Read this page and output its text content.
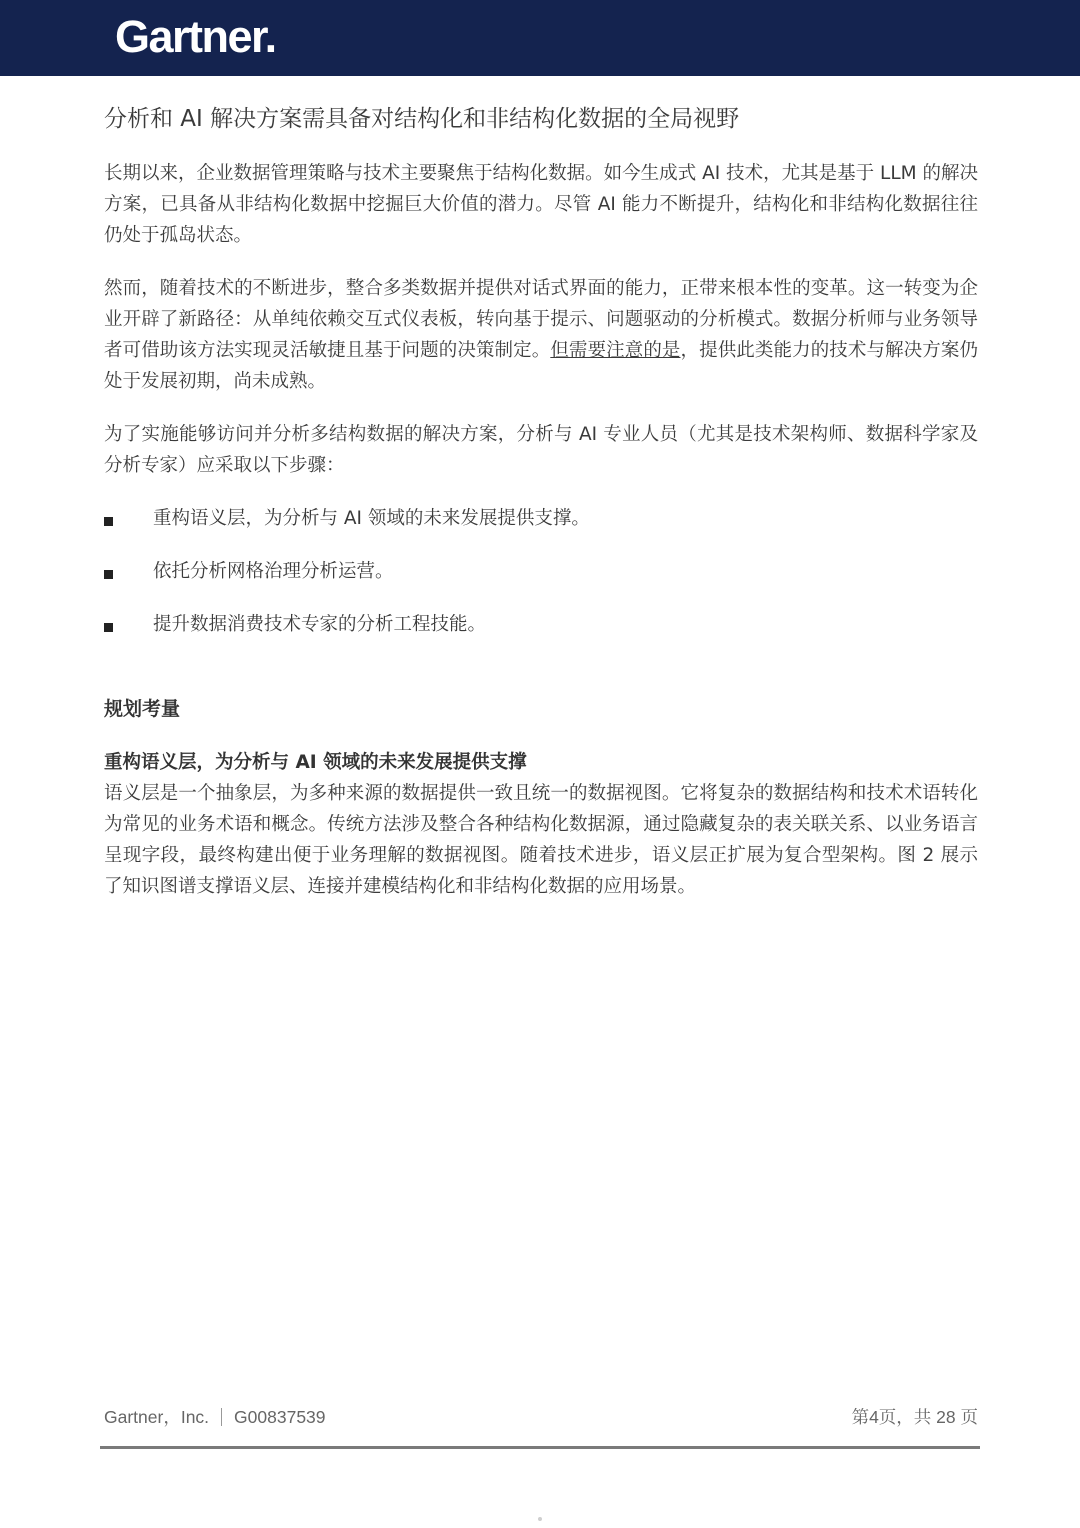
Gartner.
分析和 AI 解决方案需具备对结构化和非结构化数据的全局视野

长期以来，企业数据管理策略与技术主要聚焦于结构化数据。如今生成式 AI 技术，尤其是基于 LLM 的解决方案，已具备从非结构化数据中挖掘巨大价值的潜力。尽管 AI 能力不断提升，结构化和非结构化数据往往仍处于孤岛状态。

然而，随着技术的不断进步，整合多类数据并提供对话式界面的能力，正带来根本性的变革。这一转变为企业开辟了新路径：从单纯依赖交互式仪表板，转向基于提示、问题驱动的分析模式。数据分析师与业务领导者可借助该方法实现灵活敏捷且基于问题的决策制定。但需要注意的是，提供此类能力的技术与解决方案仍处于发展初期，尚未成熟。

为了实施能够访问并分析多结构数据的解决方案，分析与 AI 专业人员（尤其是技术架构师、数据科学家及分析专家）应采取以下步骤：

重构语义层，为分析与 AI 领域的未来发展提供支撑。
依托分析网格治理分析运营。
提升数据消费技术专家的分析工程技能。
规划考量
重构语义层，为分析与 AI 领域的未来发展提供支撑

语义层是一个抽象层，为多种来源的数据提供一致且统一的数据视图。它将复杂的数据结构和技术术语转化为常见的业务术语和概念。传统方法涉及整合各种结构化数据源，通过隐藏复杂的表关联关系、以业务语言呈现字段，最终构建出便于业务理解的数据视图。随着技术进步，语义层正扩展为复合型架构。图 2 展示了知识图谱支撑语义层、连接并建模结构化和非结构化数据的应用场景。

Gartner，Inc. G00837539	第4页，共 28 页
